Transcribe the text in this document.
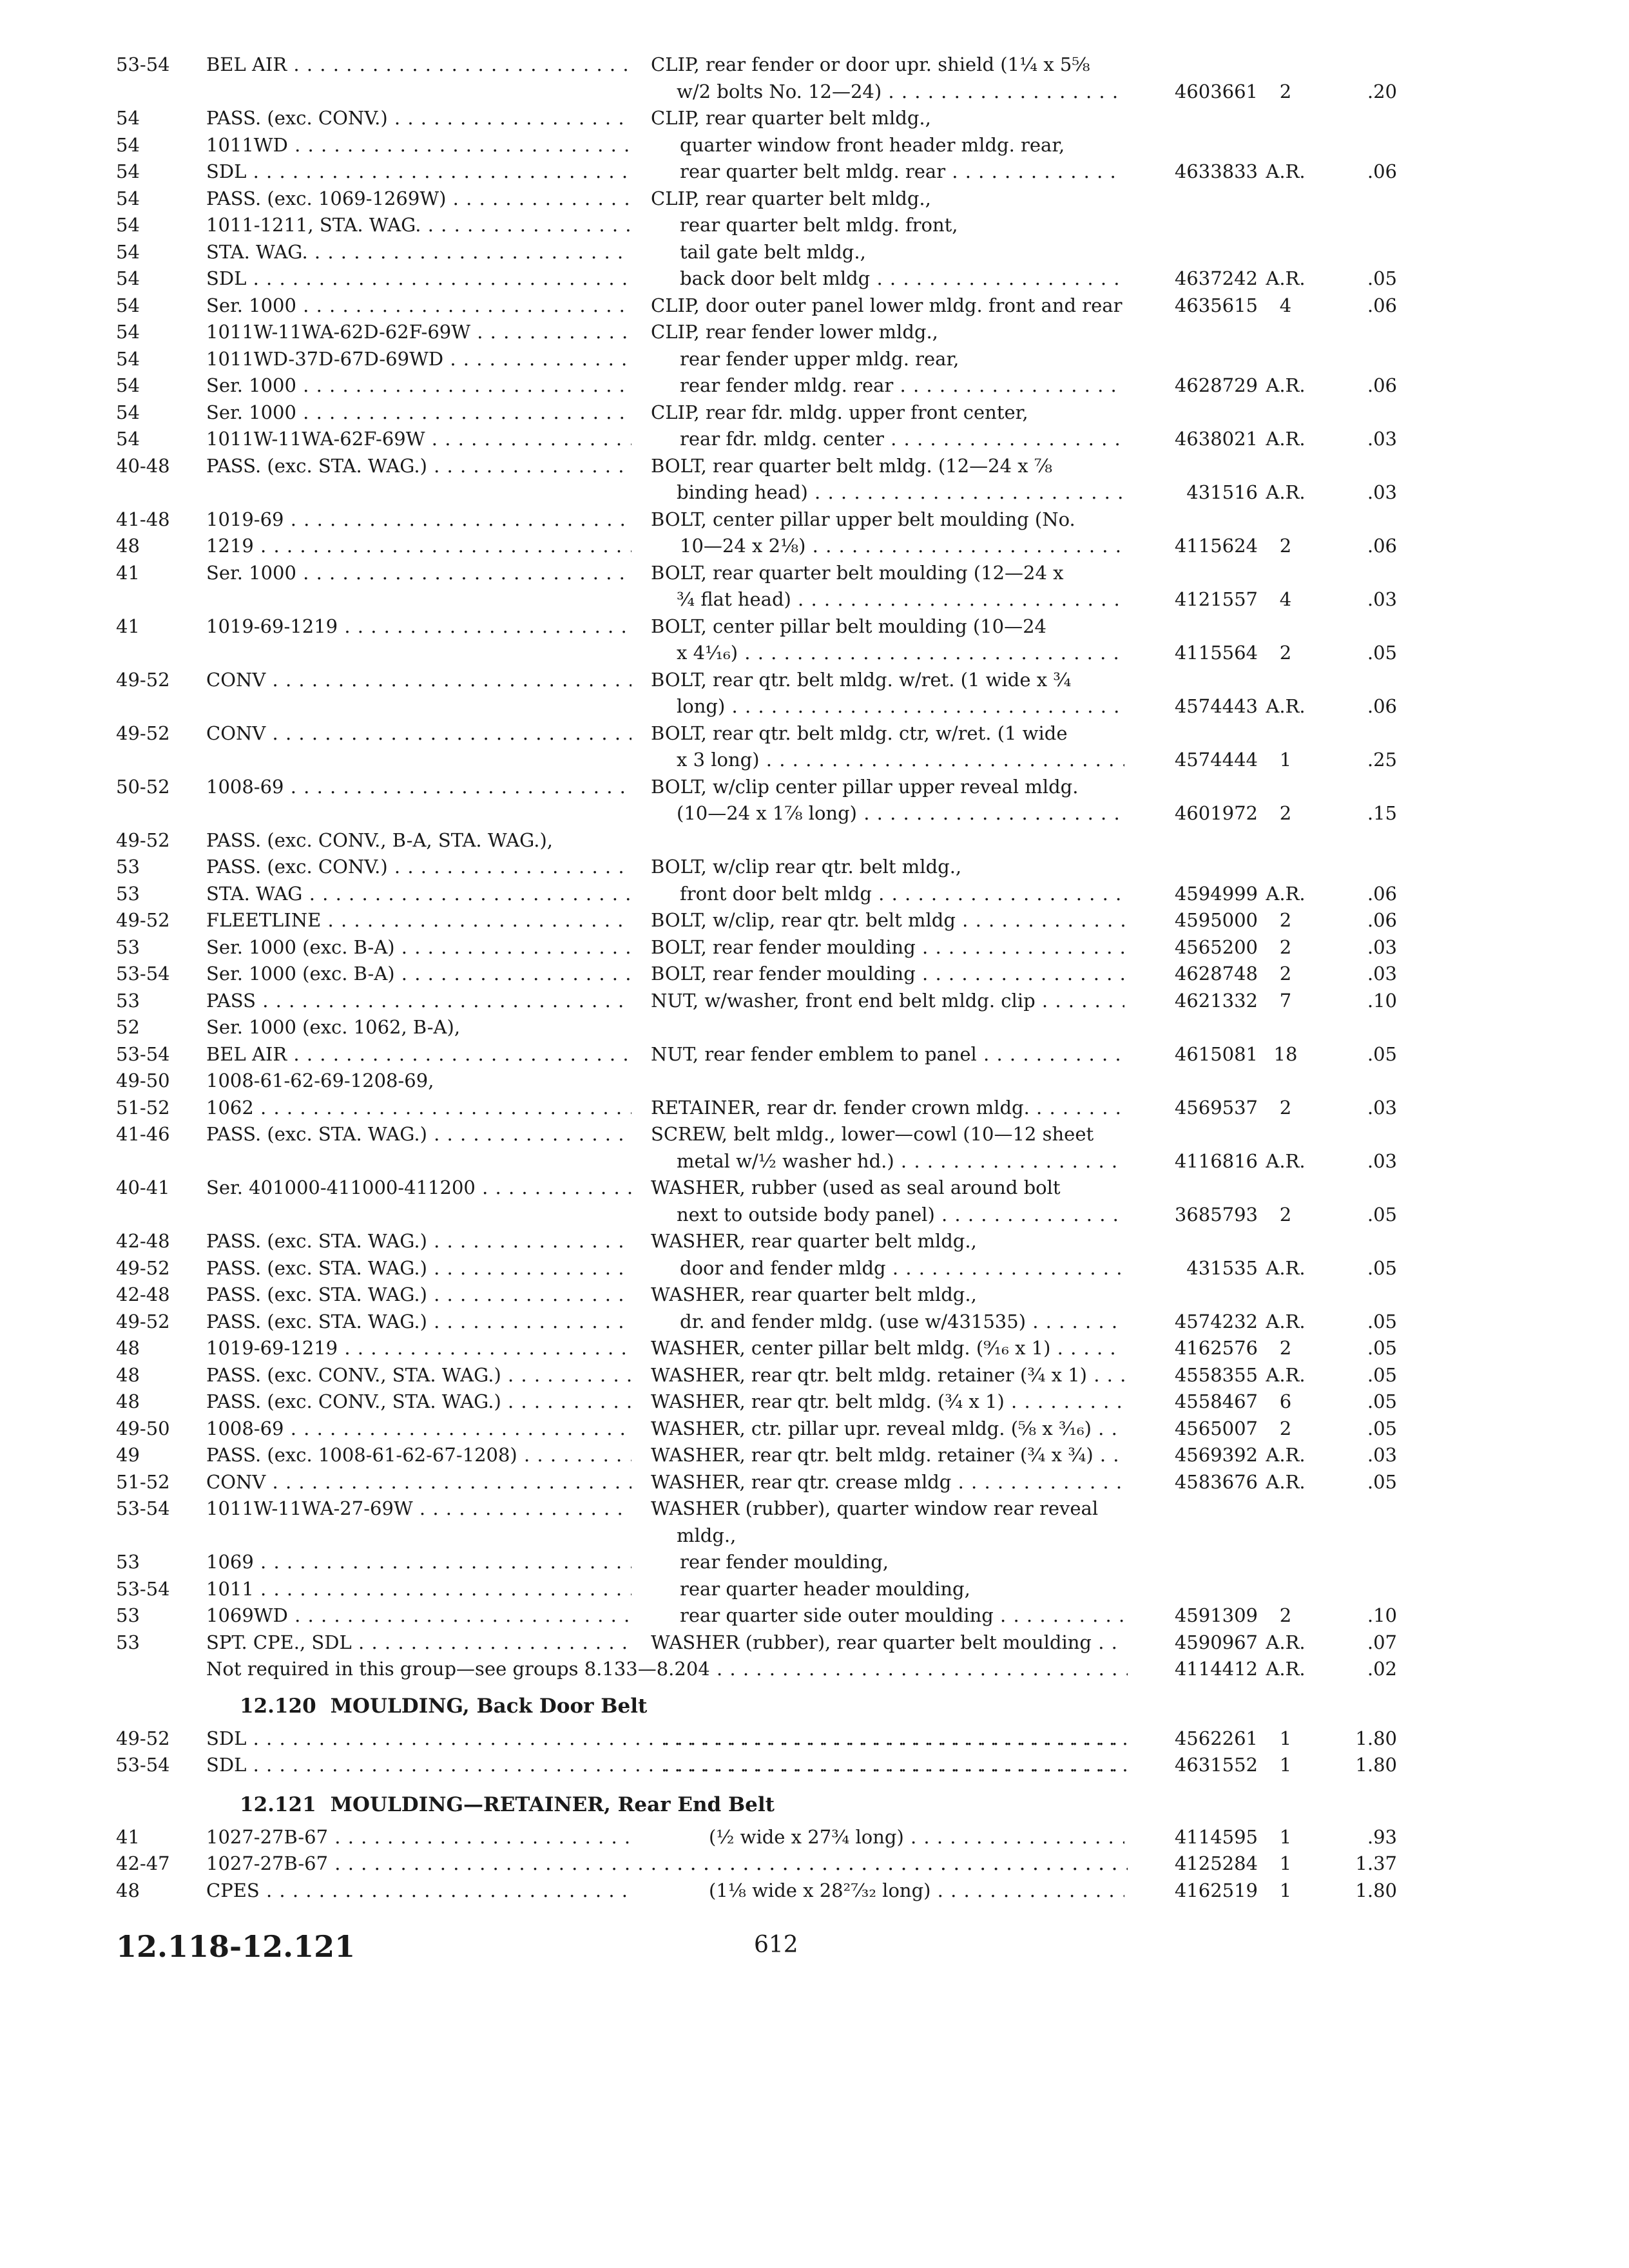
53-54	BEL AIR . . .	CLIP, rear fender or door upr. shield (1¼ x 5⅝
w/2 bolts No. 12—24) . . .	4603661	2	.20
54	PASS. (exc. CONV.) . . .	CLIP, rear quarter belt mldg.,
54	1011WD . . .	quarter window front header mldg. rear,
54	SDL . . .	rear quarter belt mldg. rear . . .	4633833 A.R.	.06
54	PASS. (exc. 1069-1269W) . . .	CLIP, rear quarter belt mldg.,
54	1011-1211, STA. WAG. . . .	rear quarter belt mldg. front,
54	STA. WAG. . . .	tail gate belt mldg.,
54	SDL . . .	back door belt mldg . . .	4637242 A.R.	.05
54	Ser. 1000 . . .	CLIP, door outer panel lower mldg. front and rear . . .	4635615	4	.06
54	1011W-11WA-62D-62F-69W . . .	CLIP, rear fender lower mldg.,
54	1011WD-37D-67D-69WD . . .	rear fender upper mldg. rear,
54	Ser. 1000 . . .	rear fender mldg. rear . . .	4628729 A.R.	.06
54	Ser. 1000 . . .	CLIP, rear fdr. mldg. upper front center,
54	1011W-11WA-62F-69W . . .	rear fdr. mldg. center . . .	4638021 A.R.	.03
40-48	PASS. (exc. STA. WAG.) . . .	BOLT, rear quarter belt mldg. (12—24 x ⅞
binding head) . . .	431516 A.R.	.03
41-48	1019-69 . . .	BOLT, center pillar upper belt moulding (No.
48	1219 . . .	10—24 x 2⅛) . . .	4115624	2	.06
41	Ser. 1000 . . .	BOLT, rear quarter belt moulding (12—24 x
¾ flat head) . . .	4121557	4	.03
41	1019-69-1219 . . .	BOLT, center pillar belt moulding (10—24
x 4¹⁄₁₆) . . .	4115564	2	.05
49-52	CONV . . .	BOLT, rear qtr. belt mldg. w/ret. (1 wide x ¾
long) . . .	4574443 A.R.	.06
49-52	CONV . . .	BOLT, rear qtr. belt mldg. ctr, w/ret. (1 wide
x 3 long) . . .	4574444	1	.25
50-52	1008-69 . . .	BOLT, w/clip center pillar upper reveal mldg.
(10—24 x 1⅞ long) . . .	4601972	2	.15
49-52	PASS. (exc. CONV., B-A, STA. WAG.),
53	PASS. (exc. CONV.) . . .	BOLT, w/clip rear qtr. belt mldg.,
53	STA. WAG . . .	front door belt mldg . . .	4594999 A.R.	.06
49-52	FLEETLINE . . .	BOLT, w/clip, rear qtr. belt mldg . . .	4595000	2	.06
53	Ser. 1000 (exc. B-A) . . .	BOLT, rear fender moulding . . .	4565200	2	.03
53-54	Ser. 1000 (exc. B-A) . . .	BOLT, rear fender moulding . . .	4628748	2	.03
53	PASS . . .	NUT, w/washer, front end belt mldg. clip . . .	4621332	7	.10
52	Ser. 1000 (exc. 1062, B-A),
53-54	BEL AIR . . .	NUT, rear fender emblem to panel . . .	4615081 18	.05
49-50	1008-61-62-69-1208-69,
51-52	1062 . . .	RETAINER, rear dr. fender crown mldg. . . .	4569537	2	.03
41-46	PASS. (exc. STA. WAG.) . . .	SCREW, belt mldg., lower—cowl (10—12 sheet
metal w/½ washer hd.) . . .	4116816 A.R.	.03
40-41	Ser. 401000-411000-411200 . . .	WASHER, rubber (used as seal around bolt
next to outside body panel) . . .	3685793	2	.05
42-48	PASS. (exc. STA. WAG.) . . .	WASHER, rear quarter belt mldg.,
49-52	PASS. (exc. STA. WAG.) . . .	door and fender mldg . . .	431535 A.R.	.05
42-48	PASS. (exc. STA. WAG.) . . .	WASHER, rear quarter belt mldg.,
49-52	PASS. (exc. STA. WAG.) . . .	dr. and fender mldg. (use w/431535) . . .	4574232 A.R.	.05
48	1019-69-1219 . . .	WASHER, center pillar belt mldg. (⁹⁄₁₆ x 1) . . .	4162576	2	.05
48	PASS. (exc. CONV., STA. WAG.) . . .	WASHER, rear qtr. belt mldg. retainer (¾ x 1) . . .	4558355 A.R.	.05
48	PASS. (exc. CONV., STA. WAG.) . . .	WASHER, rear qtr. belt mldg. (¾ x 1) . . .	4558467	6	.05
49-50	1008-69 . . .	WASHER, ctr. pillar upr. reveal mldg. (⅝ x ³⁄₁₆) . . .	4565007	2	.05
49	PASS. (exc. 1008-61-62-67-1208) . . .	WASHER, rear qtr. belt mldg. retainer (¾ x ¾) . . .	4569392 A.R.	.03
51-52	CONV . . .	WASHER, rear qtr. crease mldg . . .	4583676 A.R.	.05
53-54	1011W-11WA-27-69W . . .	WASHER (rubber), quarter window rear reveal
mldg.,
53	1069 . . .	rear fender moulding,
53-54	1011 . . .	rear quarter header moulding,
53	1069WD . . .	rear quarter side outer moulding . . .	4591309	2	.10
53	SPT. CPE., SDL . . .	WASHER (rubber), rear quarter belt moulding . . .	4590967 A.R.	.07
Not required in this group—see groups 8.133—8.204 . . .	4114412 A.R.	.02
12.120 MOULDING, Back Door Belt
49-52	SDL . . . . . .	4562261	1	1.80
53-54	SDL . . . . . .	4631552	1	1.80
12.121 MOULDING—RETAINER, Rear End Belt
41	1027-27B-67 . . .	(½ wide x 27¾ long) . . .	4114595	1	.93
42-47	1027-27B-67 . . . . . .	4125284	1	1.37
48	CPES . . .	(1⅛ wide x 28²⁷⁄₃₂ long) . . .	4162519	1	1.80
12.118-12.121	612
